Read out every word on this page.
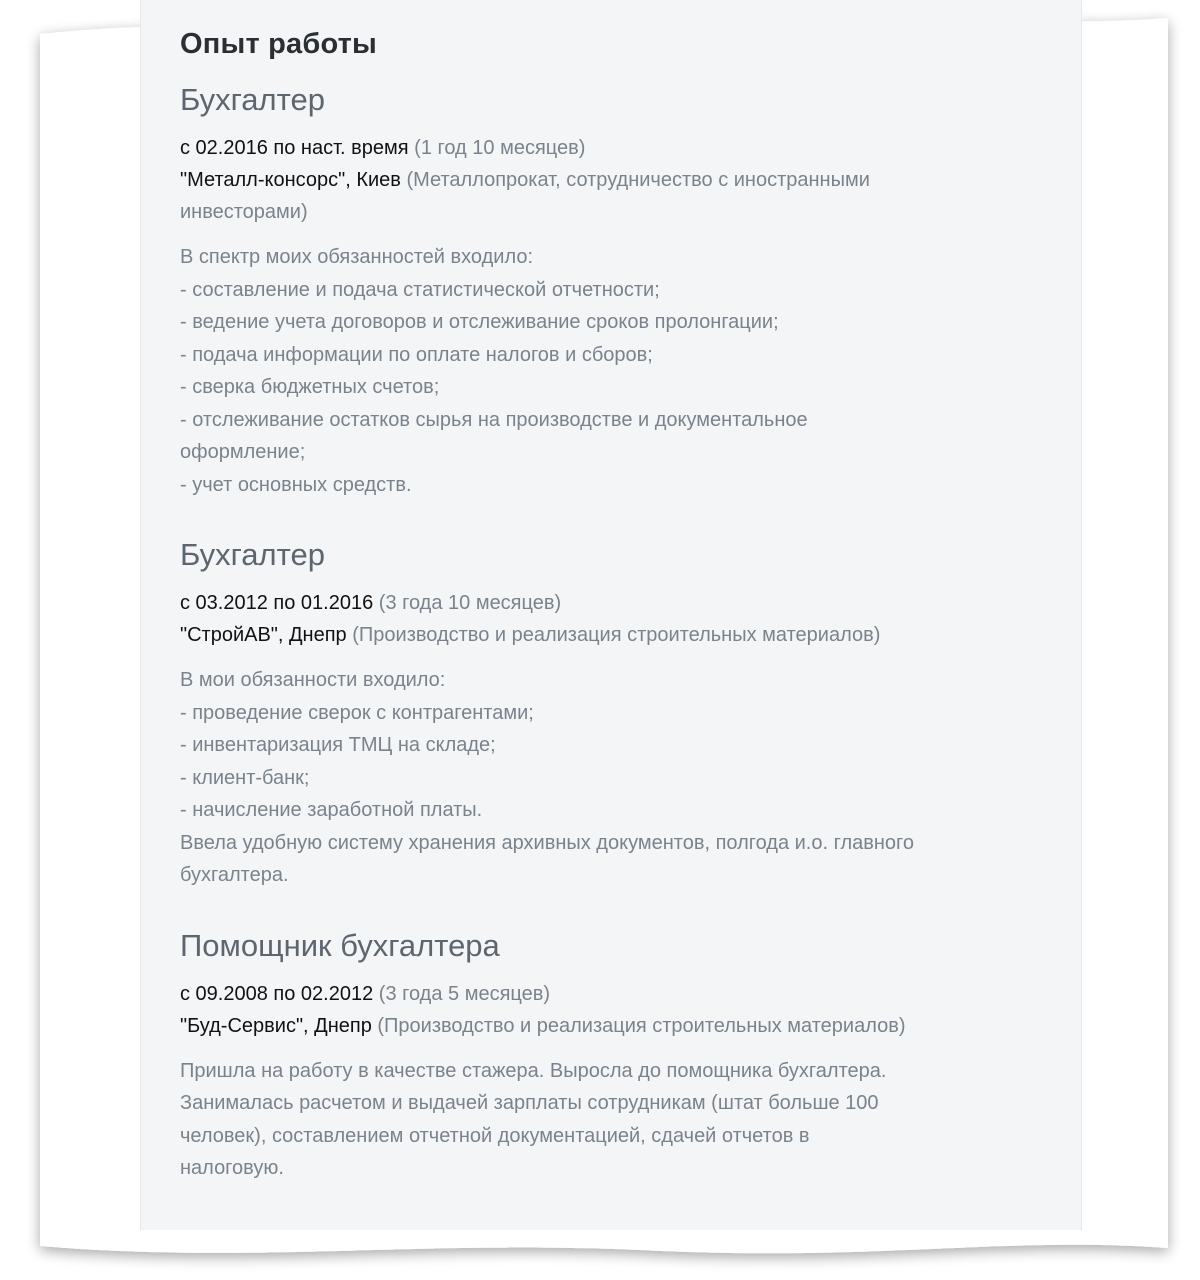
Опыт работы
Бухгалтер
с 02.2016 по наст. время (1 год 10 месяцев)
"Металл-консорс", Киев (Металлопрокат, сотрудничество с иностранными
инвесторами)
В спектр моих обязанностей входило:
- составление и подача статистической отчетности;
- ведение учета договоров и отслеживание сроков пролонгации;
- подача информации по оплате налогов и сборов;
- сверка бюджетных счетов;
- отслеживание остатков сырья на производстве и документальное
оформление;
- учет основных средств.
Бухгалтер
с 03.2012 по 01.2016 (3 года 10 месяцев)
"СтройАВ", Днепр (Производство и реализация строительных материалов)
В мои обязанности входило:
- проведение сверок с контрагентами;
- инвентаризация ТМЦ на складе;
- клиент-банк;
- начисление заработной платы.
Ввела удобную систему хранения архивных документов, полгода и.о. главного
бухгалтера.
Помощник бухгалтера
с 09.2008 по 02.2012 (3 года 5 месяцев)
"Буд-Сервис", Днепр (Производство и реализация строительных материалов)
Пришла на работу в качестве стажера. Выросла до помощника бухгалтера.
Занималась расчетом и выдачей зарплаты сотрудникам (штат больше 100
человек), составлением отчетной документацией, сдачей отчетов в
налоговую.
